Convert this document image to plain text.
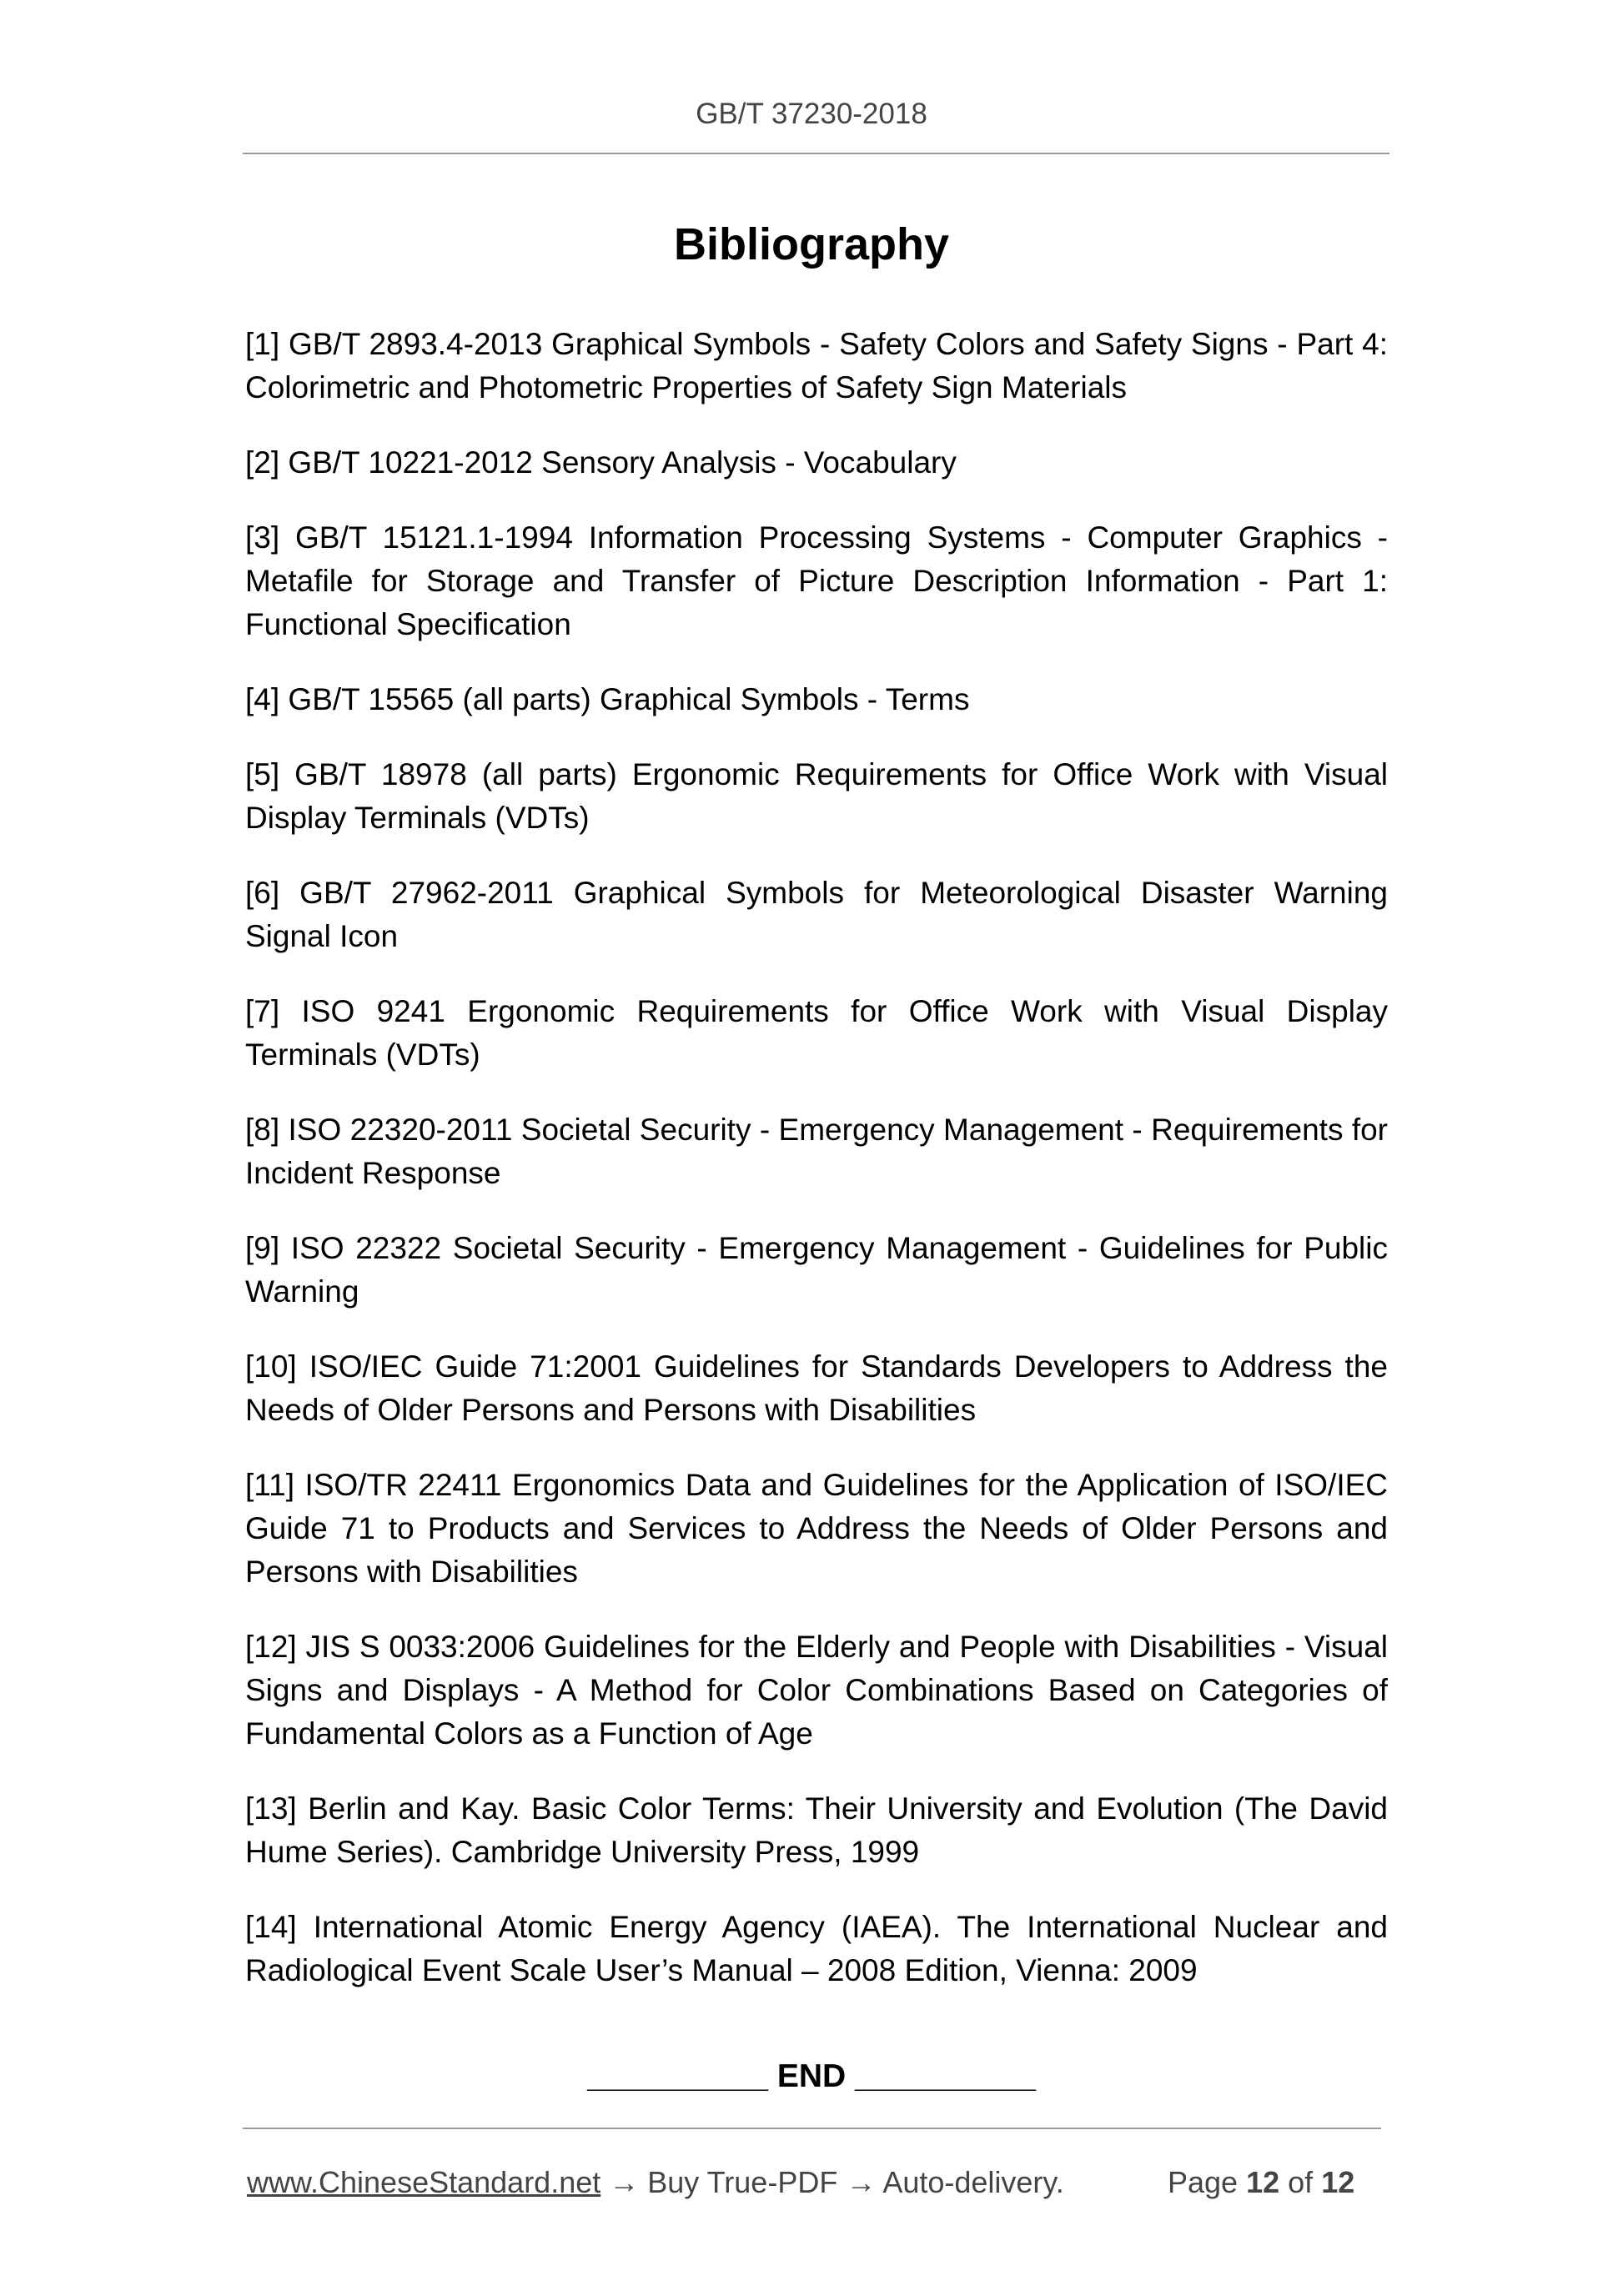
GB/T 37230-2018
Bibliography
[1] GB/T 2893.4-2013 Graphical Symbols - Safety Colors and Safety Signs - Part 4: Colorimetric and Photometric Properties of Safety Sign Materials
[2] GB/T 10221-2012 Sensory Analysis - Vocabulary
[3] GB/T 15121.1-1994 Information Processing Systems - Computer Graphics - Metafile for Storage and Transfer of Picture Description Information - Part 1: Functional Specification
[4] GB/T 15565 (all parts) Graphical Symbols - Terms
[5] GB/T 18978 (all parts) Ergonomic Requirements for Office Work with Visual Display Terminals (VDTs)
[6] GB/T 27962-2011 Graphical Symbols for Meteorological Disaster Warning Signal Icon
[7] ISO 9241 Ergonomic Requirements for Office Work with Visual Display Terminals (VDTs)
[8] ISO 22320-2011 Societal Security - Emergency Management - Requirements for Incident Response
[9] ISO 22322 Societal Security - Emergency Management - Guidelines for Public Warning
[10] ISO/IEC Guide 71:2001 Guidelines for Standards Developers to Address the Needs of Older Persons and Persons with Disabilities
[11] ISO/TR 22411 Ergonomics Data and Guidelines for the Application of ISO/IEC Guide 71 to Products and Services to Address the Needs of Older Persons and Persons with Disabilities
[12] JIS S 0033:2006 Guidelines for the Elderly and People with Disabilities - Visual Signs and Displays - A Method for Color Combinations Based on Categories of Fundamental Colors as a Function of Age
[13] Berlin and Kay. Basic Color Terms: Their University and Evolution (The David Hume Series). Cambridge University Press, 1999
[14] International Atomic Energy Agency (IAEA). The International Nuclear and Radiological Event Scale User’s Manual – 2008 Edition, Vienna: 2009
__________ END __________
www.ChineseStandard.net → Buy True-PDF → Auto-delivery.	Page 12 of 12
